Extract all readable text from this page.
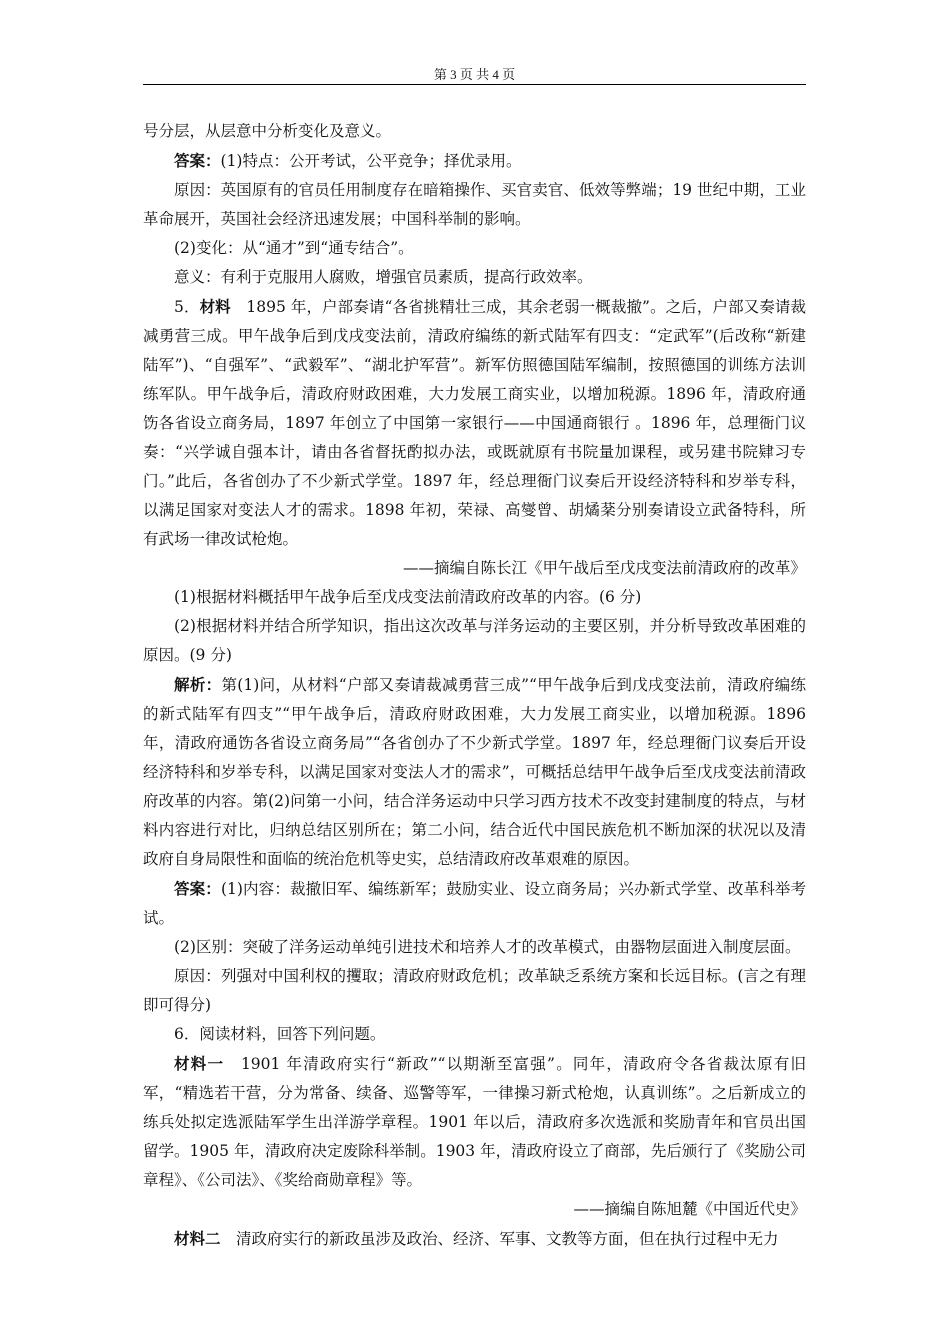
第 3 页 共 4 页

号分层，从层意中分析变化及意义。

答案：(1)特点：公开考试，公平竞争；择优录用。

原因：英国原有的官员任用制度存在暗箱操作、买官卖官、低效等弊端；19 世纪中期，工业革命展开，英国社会经济迅速发展；中国科举制的影响。

(2)变化：从“通才”到“通专结合”。

意义：有利于克服用人腐败，增强官员素质，提高行政效率。

5．材料　 1895 年，户部奏请“各省挑精壮三成，其余老弱一概裁撤”。之后，户部又奏请裁减勇营三成。甲午战争后到戊戌变法前，清政府编练的新式陆军有四支：“定武军”(后改称“新建陆军”)、“自强军”、“武毅军”、“湖北护军营”。新军仿照德国陆军编制，按照德国的训练方法训练军队。甲午战争后，清政府财政困难，大力发展工商实业，以增加税源。1896 年，清政府通饬各省设立商务局，1897 年创立了中国第一家银行——中国通商银行 。1896 年，总理衙门议奏：“兴学诚自强本计，请由各省督抚酌拟办法，或既就原有书院量加课程，或另建书院肄习专门。”此后，各省创办了不少新式学堂。1897 年，经总理衙门议奏后开设经济特科和岁举专科，以满足国家对变法人才的需求。1898 年初，荣禄、高燮曾、胡燏棻分别奏请设立武备特科，所有武场一律改试枪炮。

——摘编自陈长江《甲午战后至戊戌变法前清政府的改革》

(1)根据材料概括甲午战争后至戊戌变法前清政府改革的内容。(6 分)

(2)根据材料并结合所学知识，指出这次改革与洋务运动的主要区别，并分析导致改革困难的原因。(9 分)

解析：第(1)问，从材料“户部又奏请裁减勇营三成”“甲午战争后到戊戌变法前，清政府编练的新式陆军有四支”“甲午战争后，清政府财政困难，大力发展工商实业，以增加税源。1896 年，清政府通饬各省设立商务局”“各省创办了不少新式学堂。1897 年，经总理衙门议奏后开设经济特科和岁举专科，以满足国家对变法人才的需求”，可概括总结甲午战争后至戊戌变法前清政府改革的内容。第(2)问第一小问，结合洋务运动中只学习西方技术不改变封建制度的特点，与材料内容进行对比，归纳总结区别所在；第二小问，结合近代中国民族危机不断加深的状况以及清政府自身局限性和面临的统治危机等史实，总结清政府改革艰难的原因。

答案：(1)内容：裁撤旧军、编练新军；鼓励实业、设立商务局；兴办新式学堂、改革科举考试。

(2)区别：突破了洋务运动单纯引进技术和培养人才的改革模式，由器物层面进入制度层面。

原因：列强对中国利权的攫取；清政府财政危机；改革缺乏系统方案和长远目标。(言之有理即可得分)

6．阅读材料，回答下列问题。

材料一　 1901 年清政府实行“新政”“以期渐至富强”。同年，清政府令各省裁汰原有旧军，“精选若干营，分为常备、续备、巡警等军，一律操习新式枪炮，认真训练”。之后新成立的练兵处拟定选派陆军学生出洋游学章程。1901 年以后，清政府多次选派和奖励青年和官员出国留学。1905 年，清政府决定废除科举制。1903 年，清政府设立了商部，先后颁行了《奖励公司章程》、《公司法》、《奖给商勋章程》等。

——摘编自陈旭麓《中国近代史》

材料二　 清政府实行的新政虽涉及政治、经济、军事、文教等方面，但在执行过程中无力
